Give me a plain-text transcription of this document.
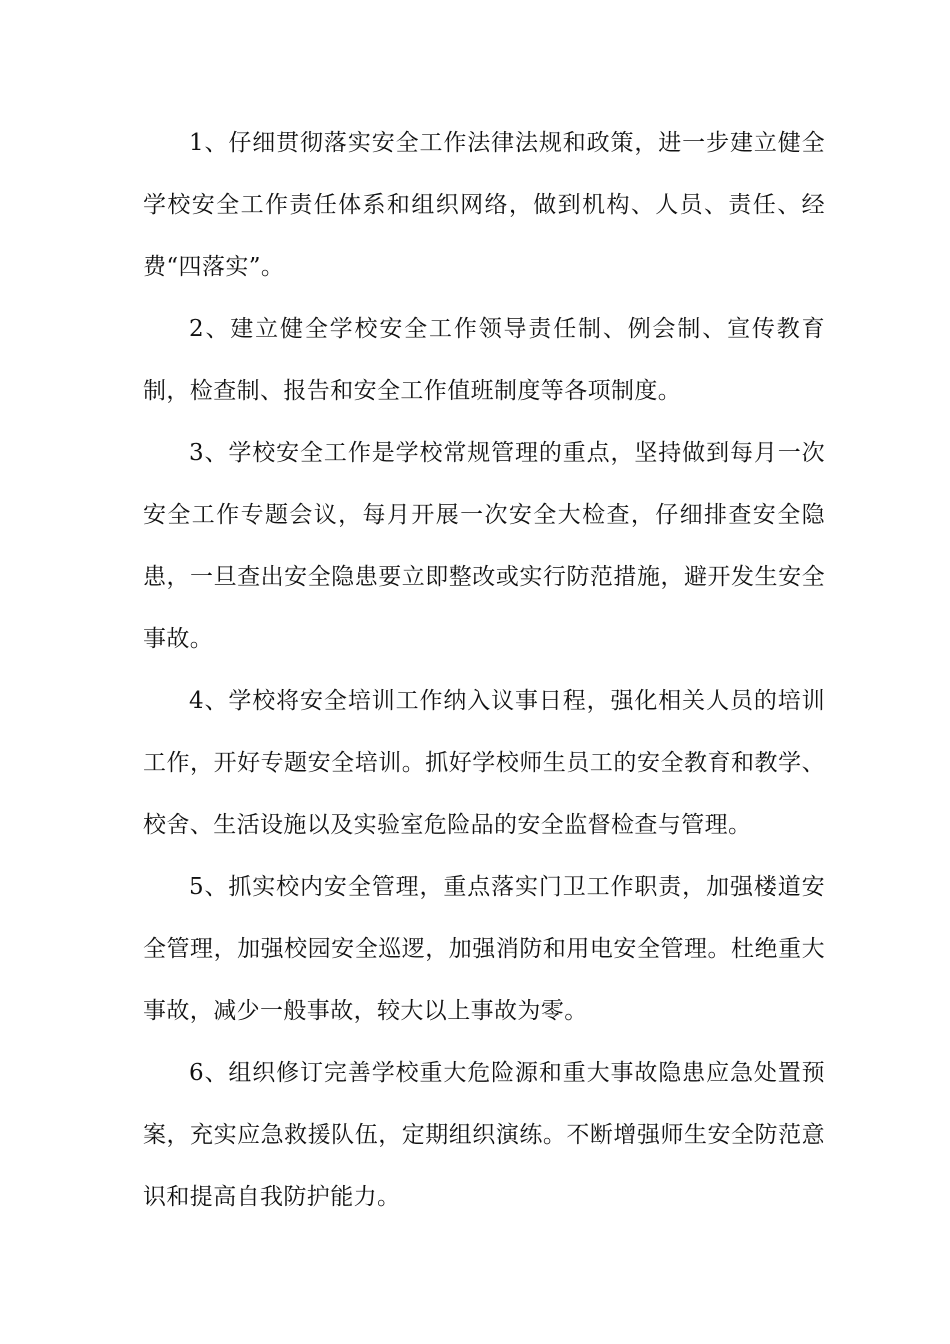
1、仔细贯彻落实安全工作法律法规和政策，进一步建立健全学校安全工作责任体系和组织网络，做到机构、人员、责任、经费“四落实”。

2、建立健全学校安全工作领导责任制、例会制、宣传教育制，检查制、报告和安全工作值班制度等各项制度。

3、学校安全工作是学校常规管理的重点，坚持做到每月一次安全工作专题会议，每月开展一次安全大检查，仔细排查安全隐患，一旦查出安全隐患要立即整改或实行防范措施，避开发生安全事故。

4、学校将安全培训工作纳入议事日程，强化相关人员的培训工作，开好专题安全培训。抓好学校师生员工的安全教育和教学、校舍、生活设施以及实验室危险品的安全监督检查与管理。

5、抓实校内安全管理，重点落实门卫工作职责，加强楼道安全管理，加强校园安全巡逻，加强消防和用电安全管理。杜绝重大事故，减少一般事故，较大以上事故为零。

6、组织修订完善学校重大危险源和重大事故隐患应急处置预案，充实应急救援队伍，定期组织演练。不断增强师生安全防范意识和提高自我防护能力。
